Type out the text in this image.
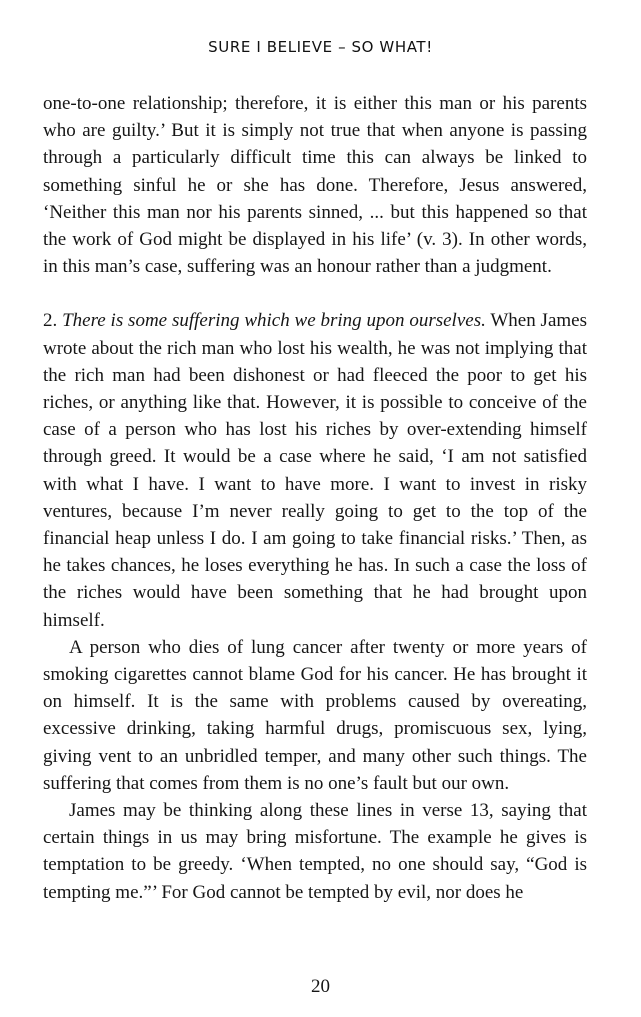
SURE I BELIEVE – SO WHAT!

one-to-one relationship; therefore, it is either this man or his parents who are guilty.’ But it is simply not true that when anyone is passing through a particularly difficult time this can always be linked to something sinful he or she has done. Therefore, Jesus answered, ‘Neither this man nor his parents sinned, ... but this happened so that the work of God might be displayed in his life’ (v. 3). In other words, in this man’s case, suffering was an honour rather than a judgment.

2. There is some suffering which we bring upon ourselves. When James wrote about the rich man who lost his wealth, he was not implying that the rich man had been dishonest or had fleeced the poor to get his riches, or anything like that. However, it is possible to conceive of the case of a person who has lost his riches by over-extending himself through greed. It would be a case where he said, ‘I am not satisfied with what I have. I want to have more. I want to invest in risky ventures, because I’m never really going to get to the top of the financial heap unless I do. I am going to take financial risks.’ Then, as he takes chances, he loses everything he has. In such a case the loss of the riches would have been something that he had brought upon himself.

A person who dies of lung cancer after twenty or more years of smoking cigarettes cannot blame God for his cancer. He has brought it on himself. It is the same with problems caused by overeating, excessive drinking, taking harmful drugs, promiscuous sex, lying, giving vent to an unbridled temper, and many other such things. The suffering that comes from them is no one’s fault but our own.

James may be thinking along these lines in verse 13, saying that certain things in us may bring misfortune. The example he gives is temptation to be greedy. ‘When tempted, no one should say, “God is tempting me.”’ For God cannot be tempted by evil, nor does he

20
